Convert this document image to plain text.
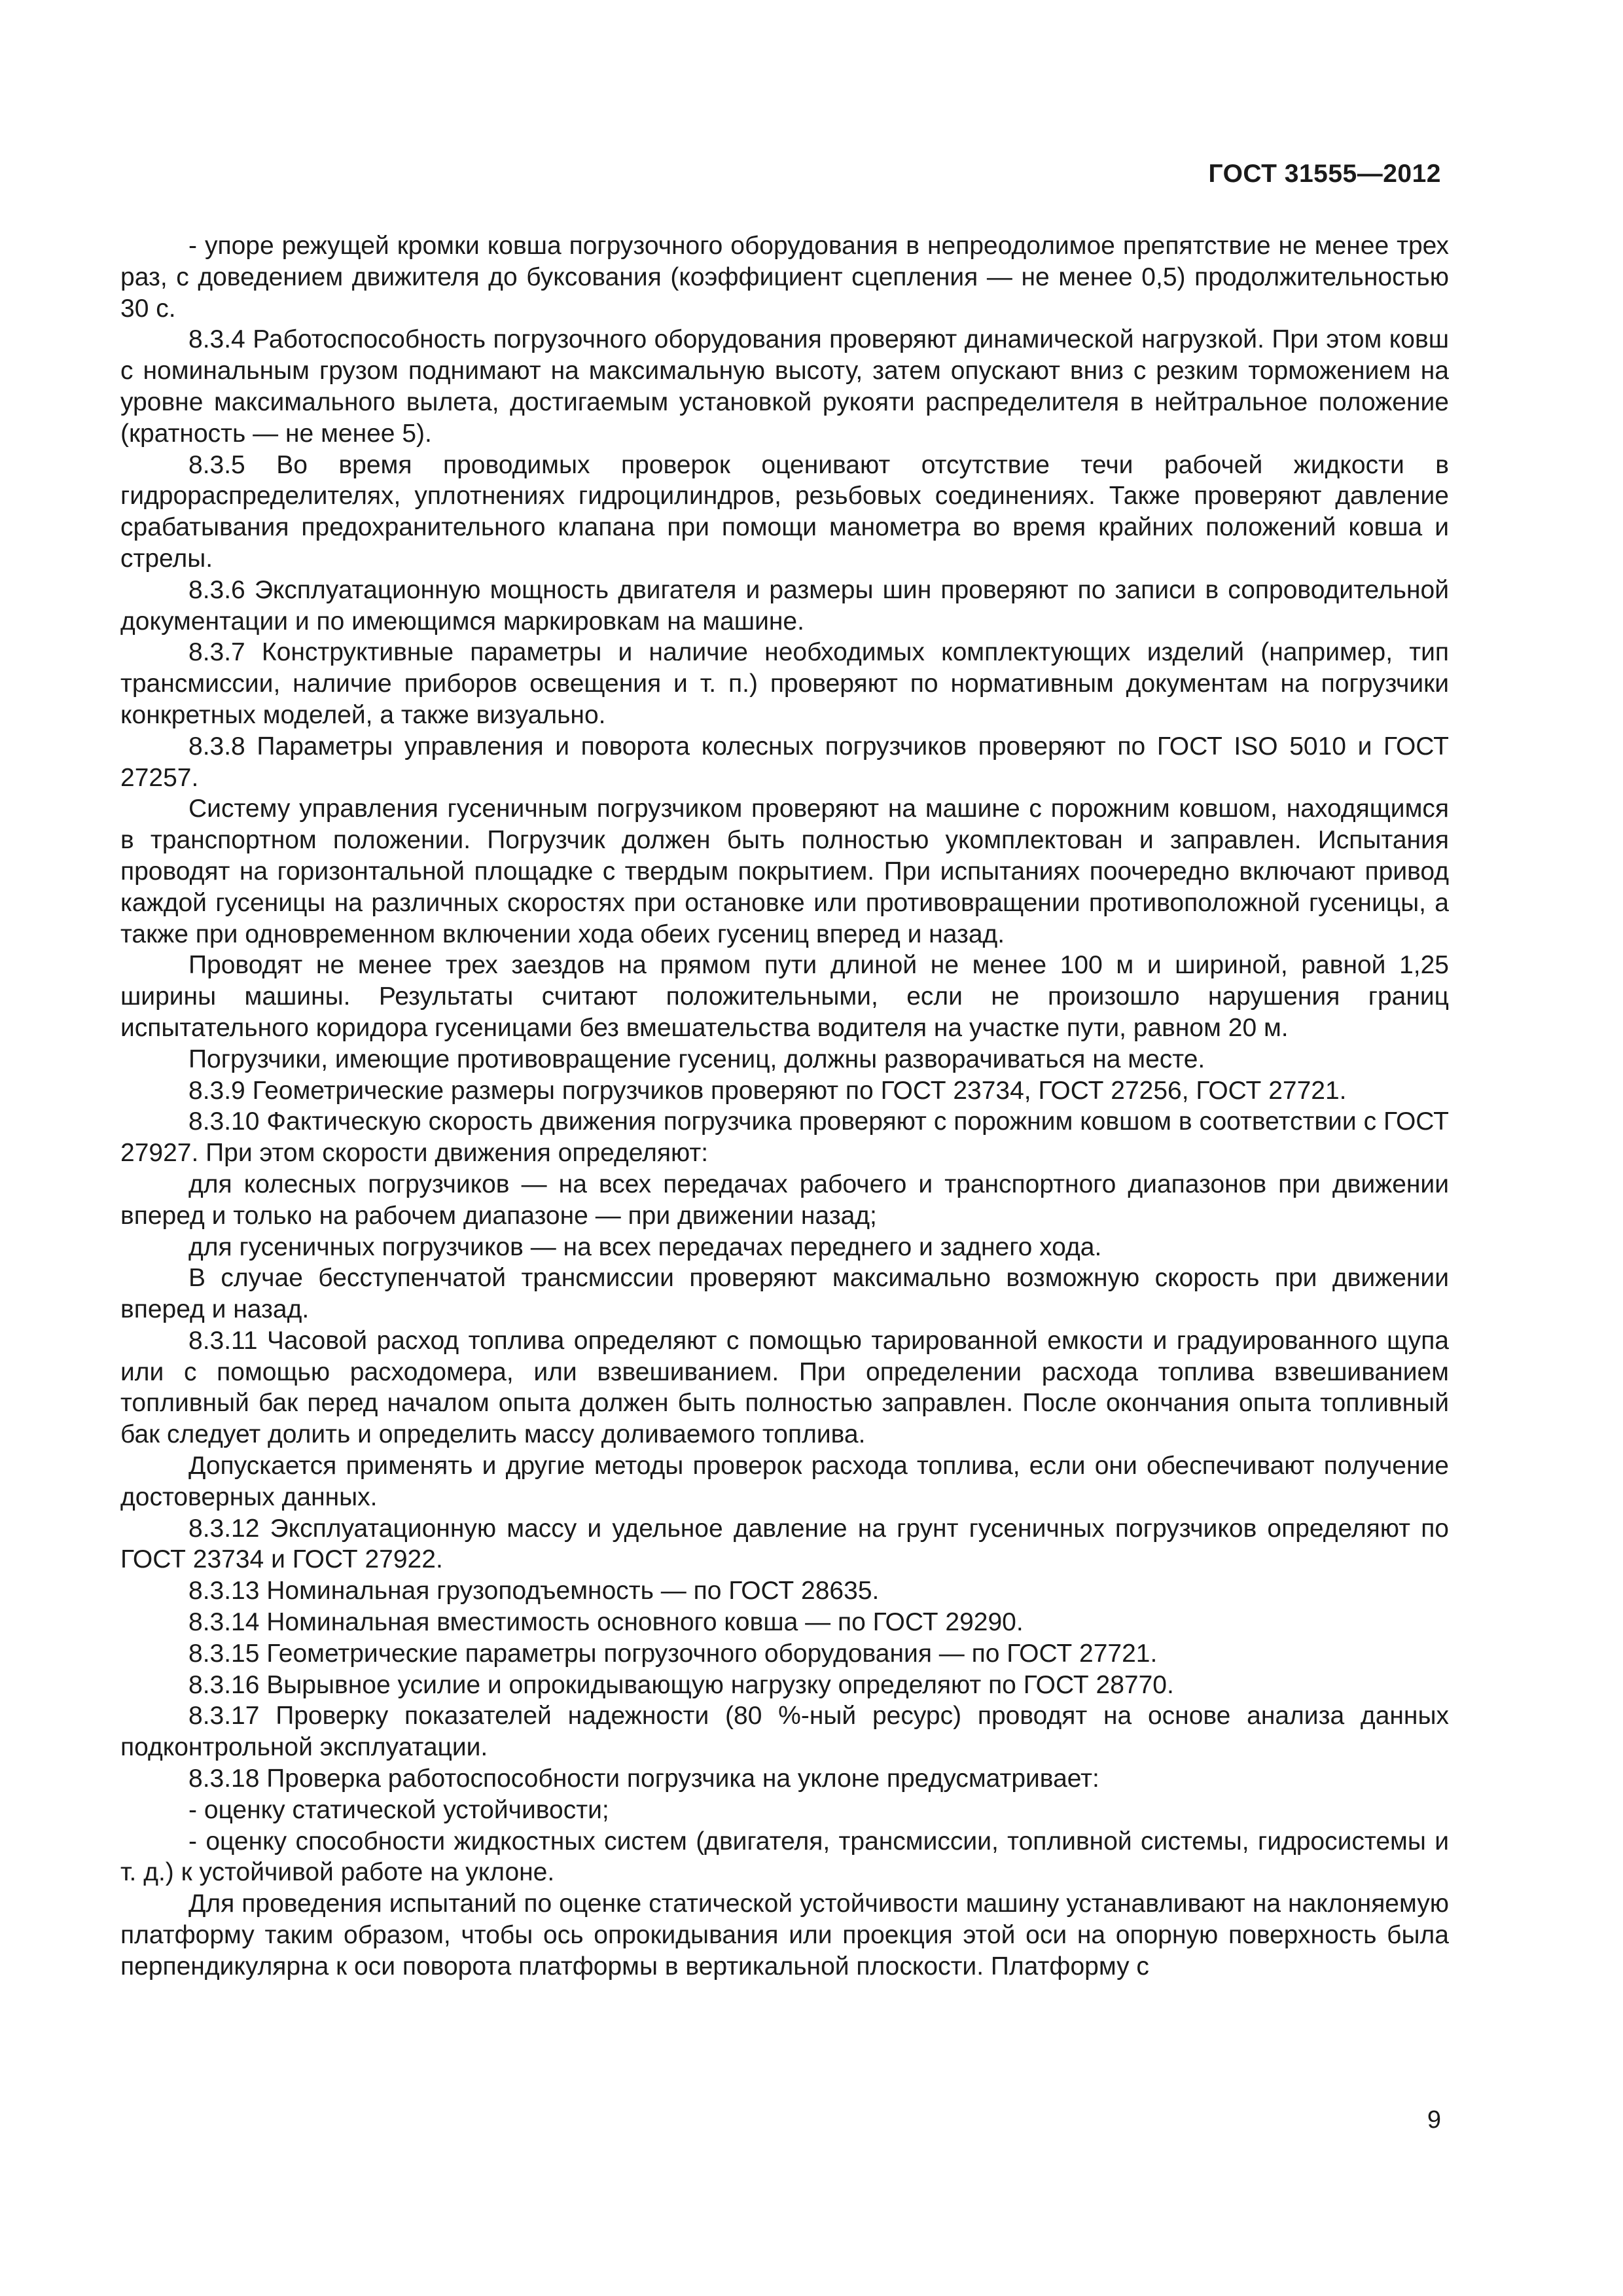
ГОСТ 31555—2012

- упоре режущей кромки ковша погрузочного оборудования в непреодолимое препятствие не менее трех раз, с доведением движителя до буксования (коэффициент сцепления — не менее 0,5) продолжительностью 30 с.

8.3.4 Работоспособность погрузочного оборудования проверяют динамической нагрузкой. При этом ковш с номинальным грузом поднимают на максимальную высоту, затем опускают вниз с резким торможением на уровне максимального вылета, достигаемым установкой рукояти распределителя в нейтральное положение (кратность — не менее 5).

8.3.5 Во время проводимых проверок оценивают отсутствие течи рабочей жидкости в гидрораспределителях, уплотнениях гидроцилиндров, резьбовых соединениях. Также проверяют давление срабатывания предохранительного клапана при помощи манометра во время крайних положений ковша и стрелы.

8.3.6 Эксплуатационную мощность двигателя и размеры шин проверяют по записи в сопроводительной документации и по имеющимся маркировкам на машине.

8.3.7 Конструктивные параметры и наличие необходимых комплектующих изделий (например, тип трансмиссии, наличие приборов освещения и т. п.) проверяют по нормативным документам на погрузчики конкретных моделей, а также визуально.

8.3.8 Параметры управления и поворота колесных погрузчиков проверяют по ГОСТ ISO 5010 и ГОСТ 27257.

Систему управления гусеничным погрузчиком проверяют на машине с порожним ковшом, находящимся в транспортном положении. Погрузчик должен быть полностью укомплектован и заправлен. Испытания проводят на горизонтальной площадке с твердым покрытием. При испытаниях поочередно включают привод каждой гусеницы на различных скоростях при остановке или противовращении противоположной гусеницы, а также при одновременном включении хода обеих гусениц вперед и назад.

Проводят не менее трех заездов на прямом пути длиной не менее 100 м и шириной, равной 1,25 ширины машины. Результаты считают положительными, если не произошло нарушения границ испытательного коридора гусеницами без вмешательства водителя на участке пути, равном 20 м.

Погрузчики, имеющие противовращение гусениц, должны разворачиваться на месте.

8.3.9 Геометрические размеры погрузчиков проверяют по ГОСТ 23734, ГОСТ 27256, ГОСТ 27721.

8.3.10 Фактическую скорость движения погрузчика проверяют с порожним ковшом в соответствии с ГОСТ 27927. При этом скорости движения определяют:

для колесных погрузчиков — на всех передачах рабочего и транспортного диапазонов при движении вперед и только на рабочем диапазоне — при движении назад;

для гусеничных погрузчиков — на всех передачах переднего и заднего хода.

В случае бесступенчатой трансмиссии проверяют максимально возможную скорость при движении вперед и назад.

8.3.11 Часовой расход топлива определяют с помощью тарированной емкости и градуированного щупа или с помощью расходомера, или взвешиванием. При определении расхода топлива взвешиванием топливный бак перед началом опыта должен быть полностью заправлен. После окончания опыта топливный бак следует долить и определить массу доливаемого топлива.

Допускается применять и другие методы проверок расхода топлива, если они обеспечивают получение достоверных данных.

8.3.12 Эксплуатационную массу и удельное давление на грунт гусеничных погрузчиков определяют по ГОСТ 23734 и ГОСТ 27922.

8.3.13 Номинальная грузоподъемность — по ГОСТ 28635.

8.3.14 Номинальная вместимость основного ковша — по ГОСТ 29290.

8.3.15 Геометрические параметры погрузочного оборудования — по ГОСТ 27721.

8.3.16 Вырывное усилие и опрокидывающую нагрузку определяют по ГОСТ 28770.

8.3.17 Проверку показателей надежности (80 %-ный ресурс) проводят на основе анализа данных подконтрольной эксплуатации.

8.3.18 Проверка работоспособности погрузчика на уклоне предусматривает:

- оценку статической устойчивости;

- оценку способности жидкостных систем (двигателя, трансмиссии, топливной системы, гидросистемы и т. д.) к устойчивой работе на уклоне.

Для проведения испытаний по оценке статической устойчивости машину устанавливают на наклоняемую платформу таким образом, чтобы ось опрокидывания или проекция этой оси на опорную поверхность была перпендикулярна к оси поворота платформы в вертикальной плоскости. Платформу с

9
